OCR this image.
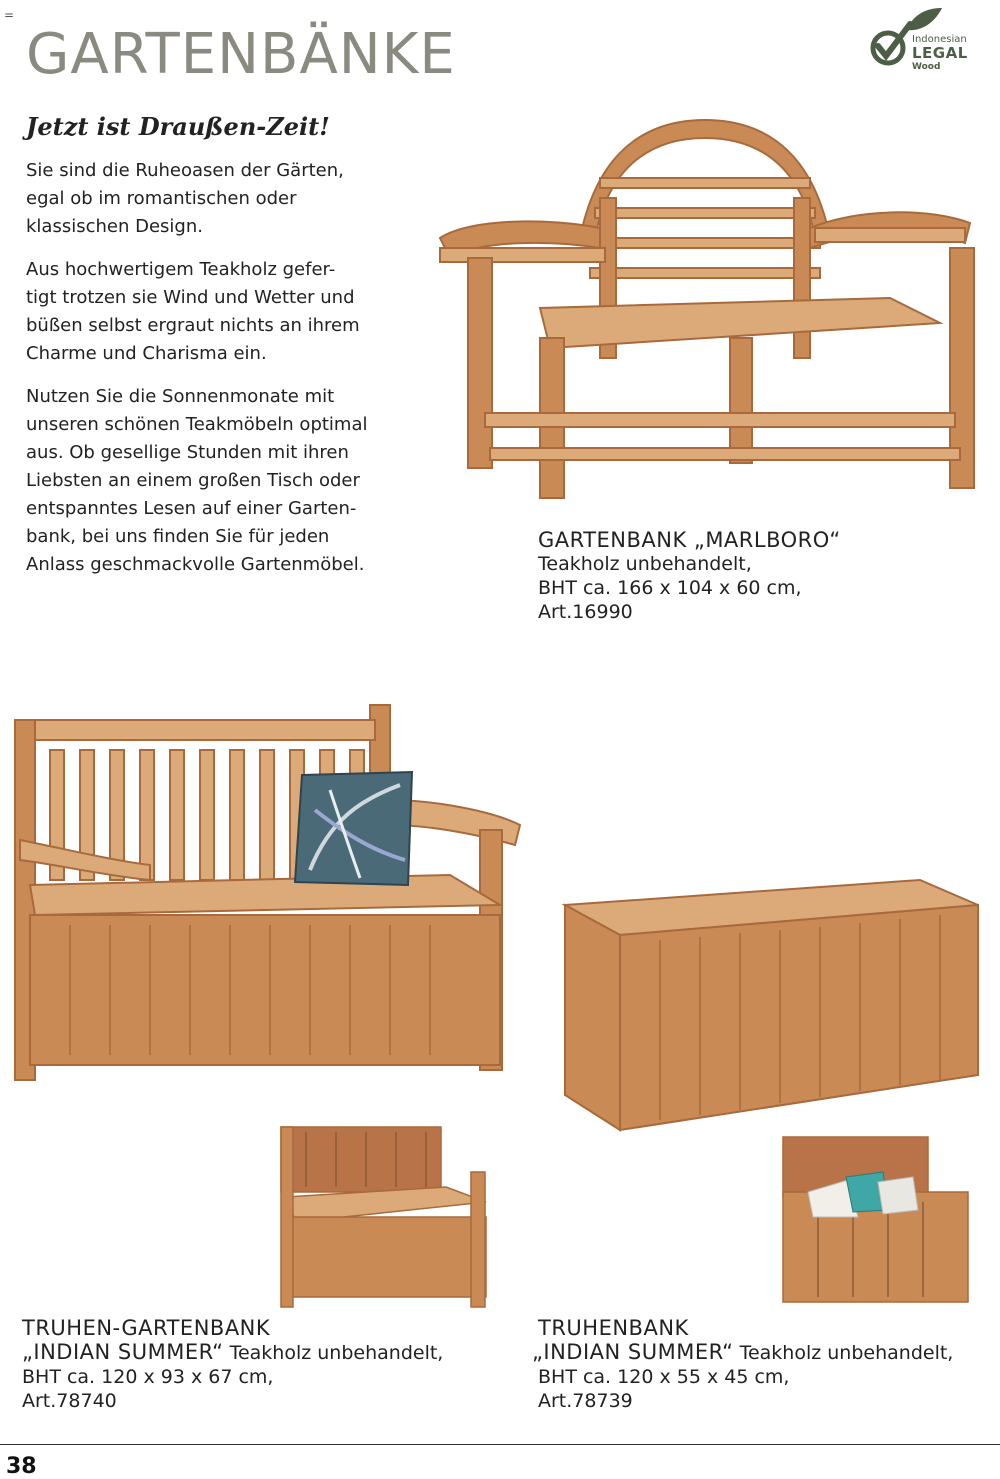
=
GARTENBÄNKE	Indonesian
LEGAL
Wood
Jetzt ist Draußen-Zeit!
Sie sind die Ruheoasen der Gärten,
egal ob im romantischen oder
klassischen Design.
Aus hochwertigem Teakholz gefer-
tigt trotzen sie Wind und Wetter und
büßen selbst ergraut nichts an ihrem
Charme und Charisma ein.
Nutzen Sie die Sonnenmonate mit
unseren schönen Teakmöbeln optimal
aus. Ob gesellige Stunden mit ihren
Liebsten an einem großen Tisch oder
entspanntes Lesen auf einer Garten-
bank, bei uns finden Sie für jeden
Anlass geschmackvolle Gartenmöbel.
GARTENBANK „MARLBORO“
Teakholz unbehandelt,
BHT ca. 166 x 104 x 60 cm,
Art.16990
TRUHEN-GARTENBANK
„INDIAN SUMMER“ Teakholz unbehandelt,
BHT ca. 120 x 93 x 67 cm,
Art.78740
TRUHENBANK
„INDIAN SUMMER“ Teakholz unbehandelt,
BHT ca. 120 x 55 x 45 cm,
Art.78739
38
